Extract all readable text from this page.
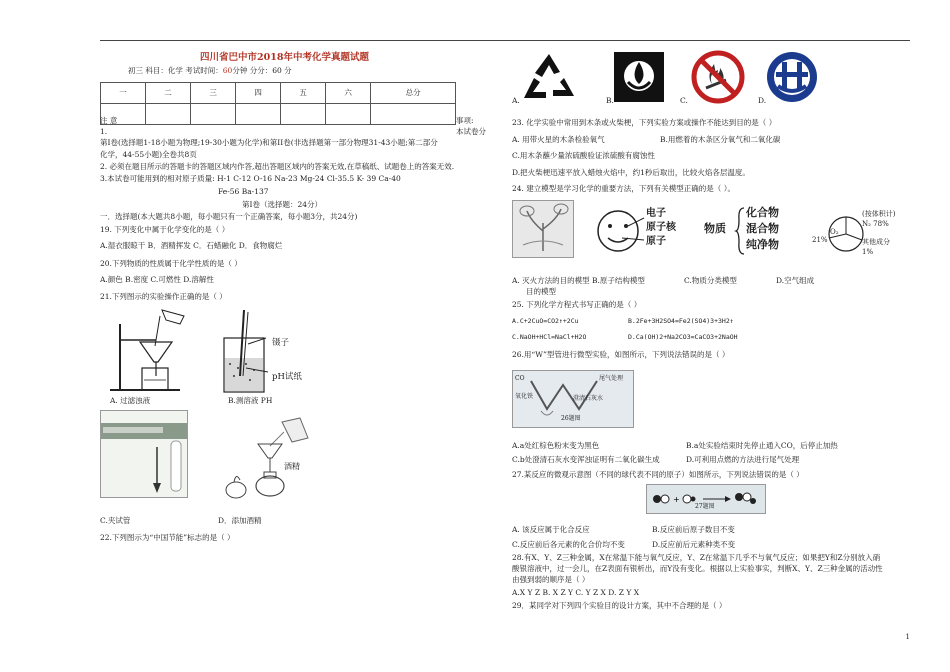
四川省巴中市2018年中考化学真题试题
初三 科目：化学 考试时间：60分钟 分分：60 分
一	二	三	四	五	六	总分

注 意	事项:
1.	本试卷分
第I卷(选择题1-18小题为物理;19-30小题为化学)和第II卷(非选择题第一部分物理31-43小题;第二部分
化学，44-55小题)全卷共8页
2. 必须在题目所示的答题卡的答题区域内作答,超出答题区域内的答案无效,在草稿纸、试题卷上的答案无效.
3.本试卷可能用到的相对原子质量: H-1 C-12 O-16 Na-23 Mg-24 Cl-35.5 K- 39 Ca-40
Fe-56 Ba-137
第I卷（选择题：24分）
一．选择题(本大题共8小题，每小题只有一个正确答案，每小题3分，共24分)
19. 下列变化中属于化学变化的是（ ）
A.湿衣服晾干 B．酒精挥发 C．石蜡融化 D．食物腐烂
20.下列物质的性质属于化学性质的是（ ）
A.颜色 B.密度 C.可燃性 D.溶解性
21.下列图示的实验操作正确的是（ ）
A. 过滤浊液
镊子
pH试纸
B.测溶液 PH
酒精
C.夹试管	D．添加酒精
22.下列图示为“中国节能”标志的是（ ）
A.	B.	C.	D.
23. 化学实验中常用到木条或火柴梗，下列实验方案或操作不能达到目的是（ ）
A. 用带火星的木条检验氧气	B.用燃着的木条区分氧气和二氧化碳
C.用木条蘸少量浓硫酸验证浓硫酸有腐蚀性
D.把火柴梗迅速平放入蜡烛火焰中，约1秒后取出，比较火焰各层温度。
24. 建立模型是学习化学的重要方法，下列有关模型正确的是（ ）。
电子
原子核
原子
物质
化合物
混合物
纯净物	21%
O₂
(按体积计)
N₂ 78%
其他成分
1%
A. 灭火方法的目的模型 B.原子结构模型	C.物质分类模型	D.空气组成
目的模型
25. 下列化学方程式书写正确的是（ ）
A.C+2CuO=CO2↑+2Cu	B.2Fe+3H2SO4=Fe2(SO4)3+3H2↑
C.NaOH+HCl=NaCl+H2O	D.Ca(OH)2+Na2CO3=CaCO3+2NaOH
26.用“W”型管进行微型实验，如图所示，下列说法错误的是（ ）
CO	尾气处理
氧化铁	澄清石灰水
26题图
A.a处红棕色粉末变为黑色	B.a处实验结束时先停止通入CO，后停止加热
C.b处澄清石灰水变浑浊证明有二氧化碳生成	D.可利用点燃的方法进行尾气处理
27.某反应的微观示意图（不同的球代表不同的原子）如图所示，下列说法错误的是（ ）
+
27题图
A. 该反应属于化合反应	B.反应前后原子数目不变
C.反应前后各元素的化合价均不变	D.反应前后元素种类不变
28.有X、Y、Z三种金属，X在常温下能与氧气反应，Y、Z在常温下几乎不与氧气反应；如果把Y和Z分别放入硝
酸银溶液中，过一会儿，在Z表面有银析出，而Y没有变化。根据以上实验事实，判断X、Y、Z三种金属的活动性
由强到弱的顺序是（ ）
A.X Y Z B. X Z Y C. Y Z X D. Z Y X
29．某同学对下列四个实验目的设计方案，其中不合理的是（ ）
1
